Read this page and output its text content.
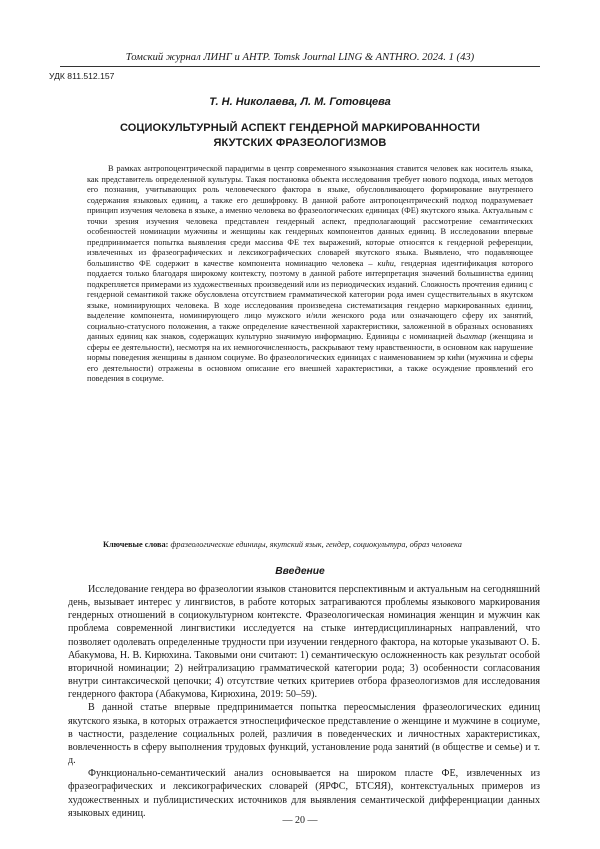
Томский журнал ЛИНГ и АНТР. Tomsk Journal LING & ANTHRO. 2024. 1 (43)
УДК 811.512.157
Т. Н. Николаева, Л. М. Готовцева
СОЦИОКУЛЬТУРНЫЙ АСПЕКТ ГЕНДЕРНОЙ МАРКИРОВАННОСТИ
ЯКУТСКИХ ФРАЗЕОЛОГИЗМОВ

В рамках антропоцентрической парадигмы в центр современного языкознания ставится человек как носитель языка, как представитель определенной культуры. Такая постановка объекта исследования требует нового подхода, иных методов его познания, учитывающих роль человеческого фактора в языке, обусловливающего формирование внутреннего содержания языковых единиц, а также его дешифровку. В данной работе антропоцентрический подход подразумевает принцип изучения человека в языке, а именно человека во фразеологических единицах (ФЕ) якутского языка. Актуальным с точки зрения изучения человека представлен гендерный аспект, предполагающий рассмотрение семантических особенностей номинации мужчины и женщины как гендерных компонентов данных единиц. В исследовании впервые предпринимается попытка выявления среди массива ФЕ тех выражений, которые относятся к гендерной референции, извлеченных из фразеографических и лексикографических словарей якутского языка. Выявлено, что подавляющее большинство ФЕ содержит в качестве компонента номинацию человека – киһи, гендерная идентификация которого поддается только благодаря широкому контексту, поэтому в данной работе интерпретация значений большинства единиц подкрепляется примерами из художественных произведений или из периодических изданий. Сложность прочтения единиц с гендерной семантикой также обусловлена отсутствием грамматической категории рода имен существительных в якутском языке, номинирующих человека. В ходе исследования произведена систематизация гендерно маркированных единиц, выделение компонента, номинирующего лицо мужского и/или женского рода или означающего сферу их занятий, социально-статусного положения, а также определение качественной характеристики, заложенной в образных основаниях данных единиц как знаков, содержащих культурно значимую информацию. Единицы с номинацией дьахтар (женщина и сферы ее деятельности), несмотря на их немногочисленность, раскрывают тему нравственности, в основном как нарушение нормы поведения женщины в данном социуме. Во фразеологических единицах с наименованием эр киһи (мужчина и сферы его деятельности) отражены в основном описание его внешней характеристики, а также осуждение проявлений его поведения в социуме.

Ключевые слова: фразеологические единицы, якутский язык, гендер, социокультура, образ человека
Введение

Исследование гендера во фразеологии языков становится перспективным и актуальным на сегодняшний день, вызывает интерес у лингвистов, в работе которых затрагиваются проблемы языкового маркирования гендерных отношений в социокультурном контексте. Фразеологическая номинация женщин и мужчин как проблема современной лингвистики исследуется на стыке интердисциплинарных направлений, что позволяет одолевать определенные трудности при изучении гендерного фактора, на которые указывают О. Б. Абакумова, Н. В. Кирюхина. Таковыми они считают: 1) семантическую осложненность как результат особой вторичной номинации; 2) нейтрализацию грамматической категории рода; 3) особенности согласования внутри синтаксической цепочки; 4) отсутствие четких критериев отбора фразеологизмов для исследования гендерного фактора (Абакумова, Кирюхина, 2019: 50–59).

В данной статье впервые предпринимается попытка переосмысления фразеологических единиц якутского языка, в которых отражается этноспецифическое представление о женщине и мужчине в социуме, в частности, разделение социальных ролей, различия в поведенческих и личностных характеристиках, вовлеченность в сферу выполнения трудовых функций, установление рода занятий (в обществе и семье) и т. д.

Функционально-семантический анализ основывается на широком пласте ФЕ, извлеченных из фразеографических и лексикографических словарей (ЯРФС, БТСЯЯ), контекстуальных примеров из художественных и публицистических источников для выявления семантической дифференциации данных языковых единиц.

— 20 —
